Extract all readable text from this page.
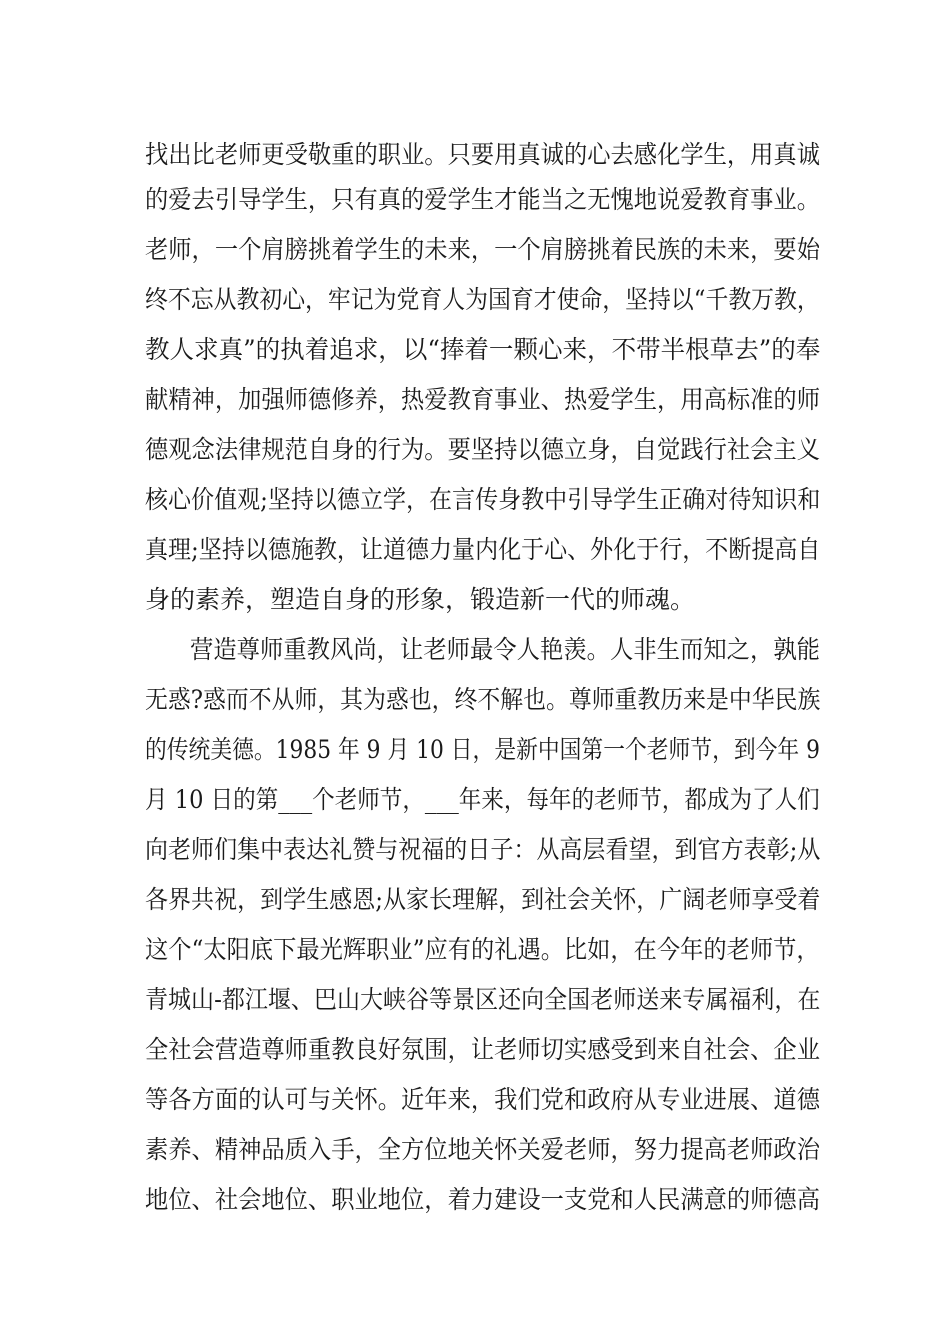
找出比老师更受敬重的职业。只要用真诚的心去感化学生，用真诚
的爱去引导学生，只有真的爱学生才能当之无愧地说爱教育事业。
老师，一个肩膀挑着学生的未来，一个肩膀挑着民族的未来，要始
终不忘从教初心，牢记为党育人为国育才使命，坚持以“千教万教，
教人求真”的执着追求，以“捧着一颗心来，不带半根草去”的奉
献精神，加强师德修养，热爱教育事业、热爱学生，用高标准的师
德观念法律规范自身的行为。要坚持以德立身，自觉践行社会主义
核心价值观;坚持以德立学，在言传身教中引导学生正确对待知识和
真理;坚持以德施教，让道德力量内化于心、外化于行，不断提高自
身的素养，塑造自身的形象，锻造新一代的师魂。
营造尊师重教风尚，让老师最令人艳羡。人非生而知之，孰能
无惑?惑而不从师，其为惑也，终不解也。尊师重教历来是中华民族
的传统美德。1985 年 9 月 10 日，是新中国第一个老师节，到今年 9
月 10 日的第___个老师节，___年来，每年的老师节，都成为了人们
向老师们集中表达礼赞与祝福的日子：从高层看望，到官方表彰;从
各界共祝，到学生感恩;从家长理解，到社会关怀，广阔老师享受着
这个“太阳底下最光辉职业”应有的礼遇。比如，在今年的老师节，
青城山-都江堰、巴山大峡谷等景区还向全国老师送来专属福利，在
全社会营造尊师重教良好氛围，让老师切实感受到来自社会、企业
等各方面的认可与关怀。近年来，我们党和政府从专业进展、道德
素养、精神品质入手，全方位地关怀关爱老师，努力提高老师政治
地位、社会地位、职业地位，着力建设一支党和人民满意的师德高
